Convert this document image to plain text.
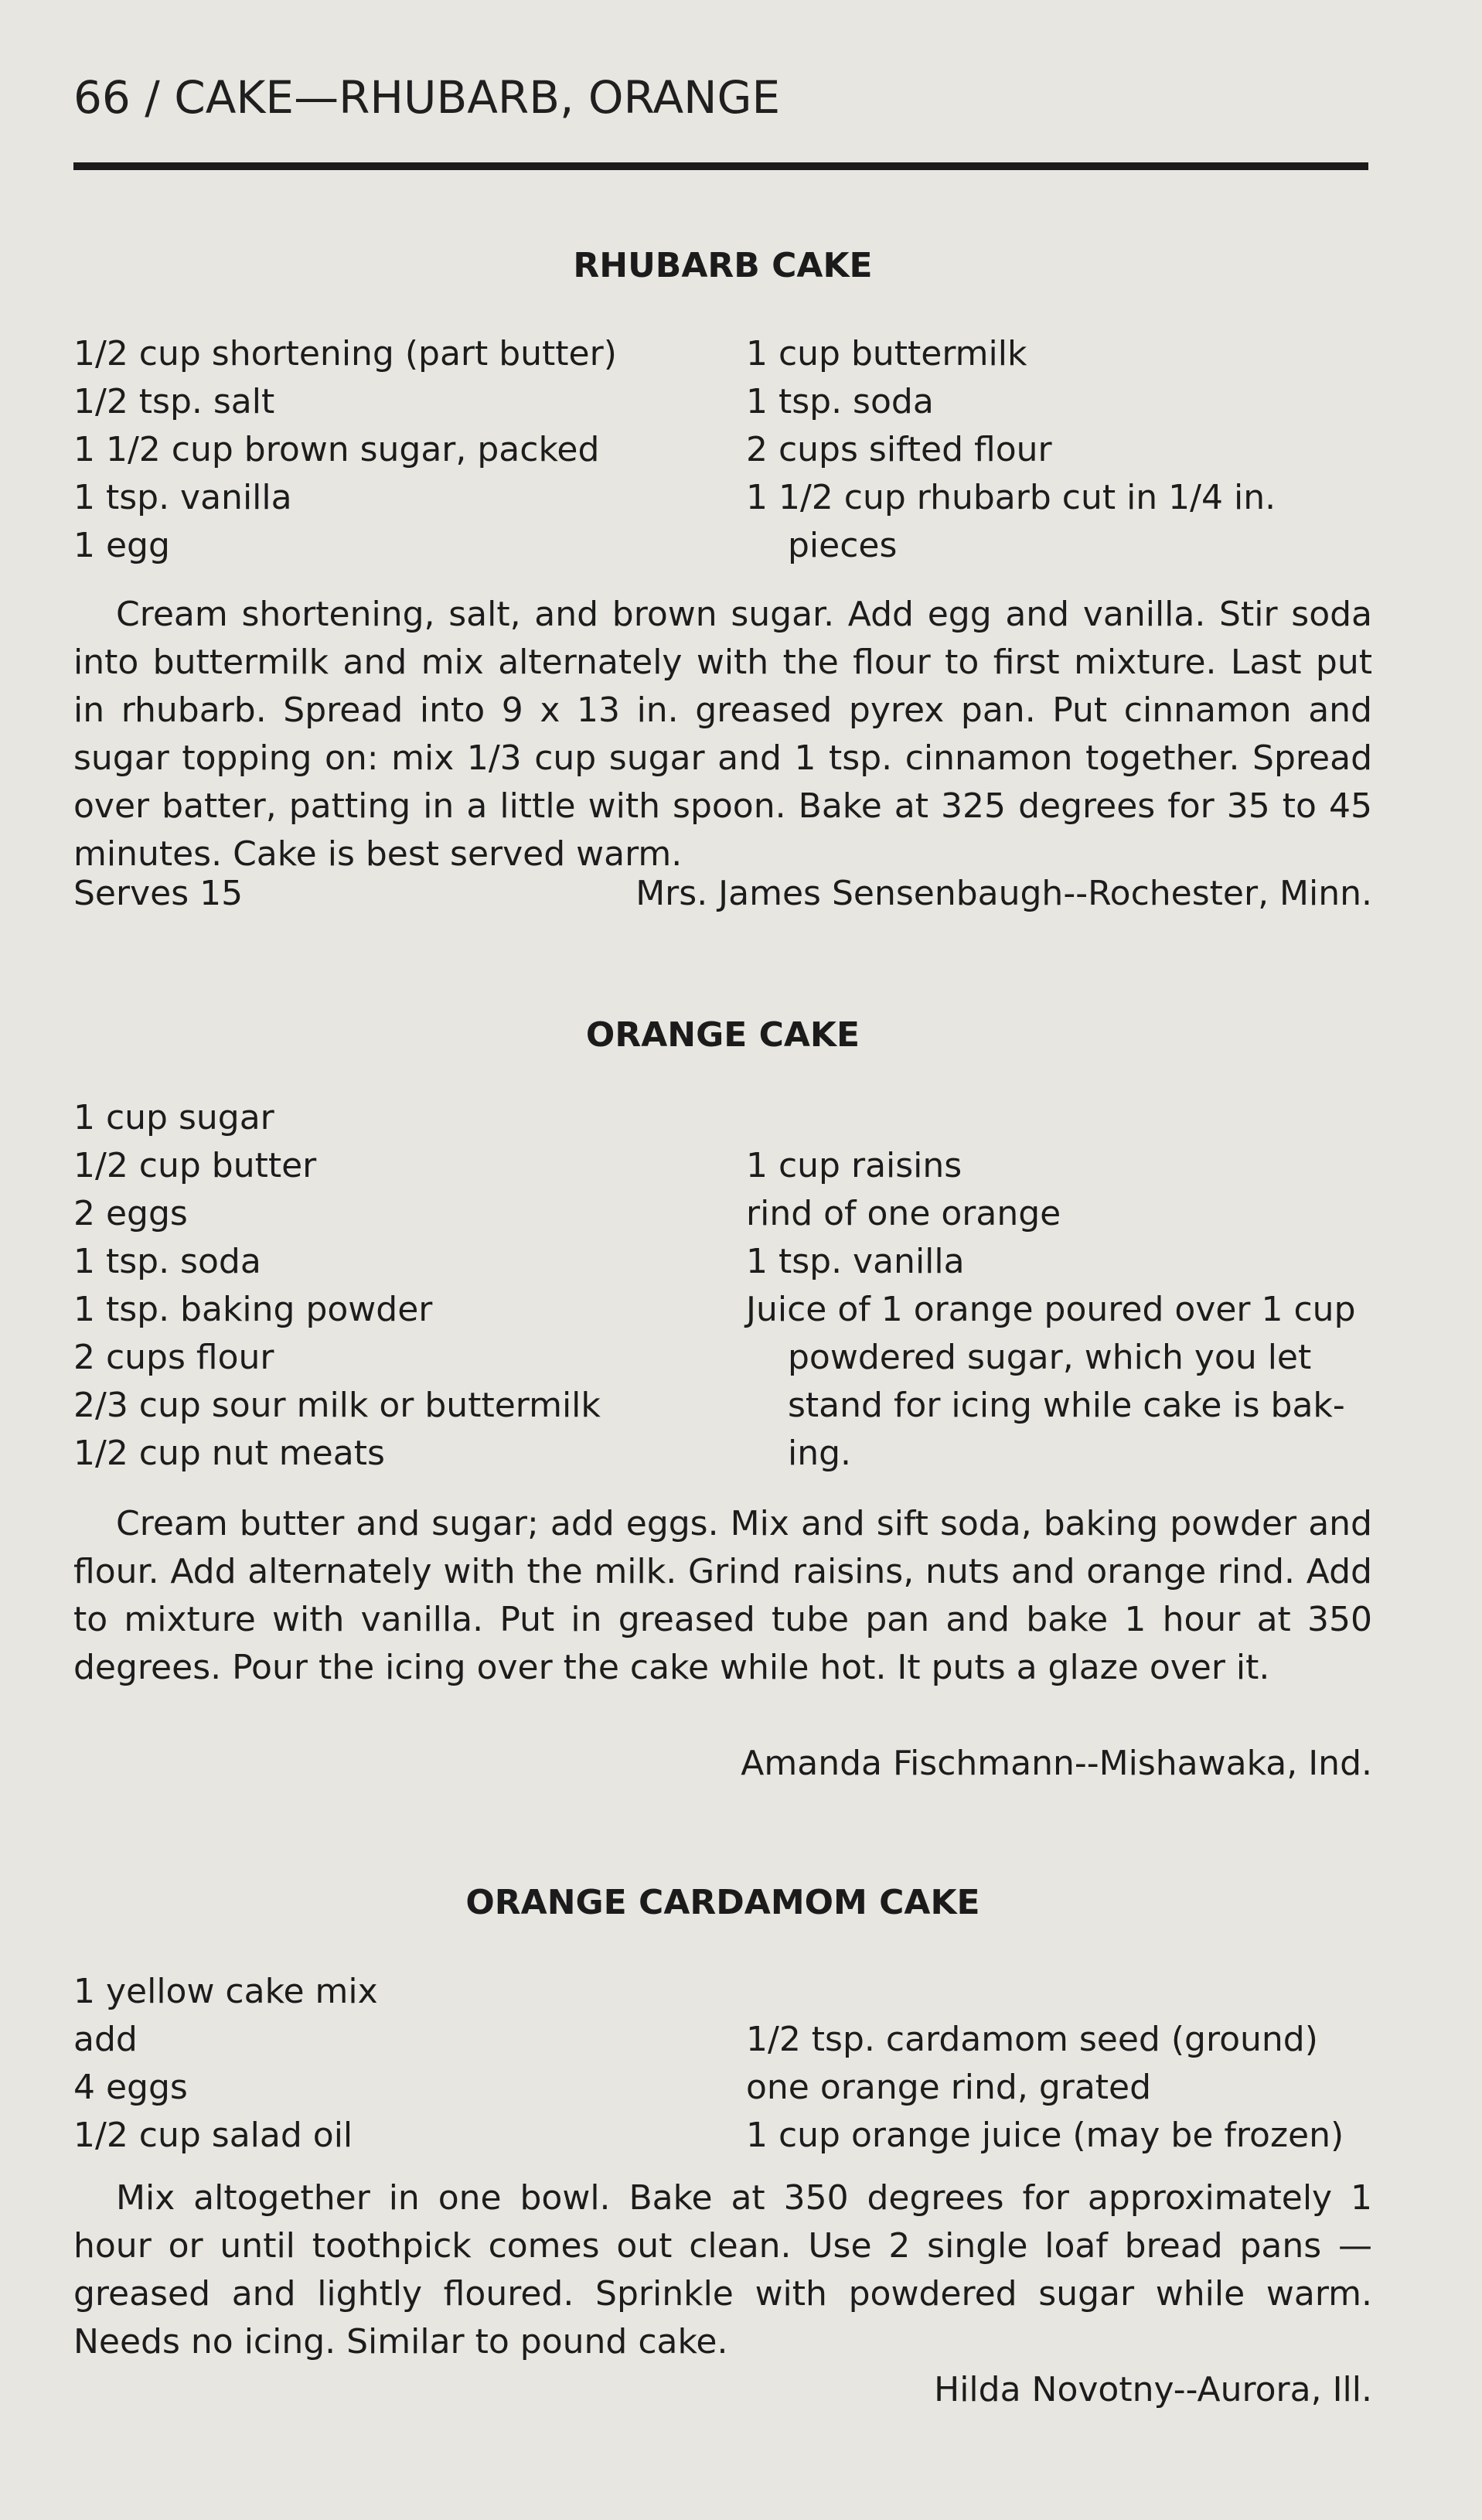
66 / CAKE—RHUBARB, ORANGE
RHUBARB CAKE
1/2 cup shortening (part butter)
1/2 tsp. salt
1 1/2 cup brown sugar, packed
1 tsp. vanilla
1 egg
1 cup buttermilk
1 tsp. soda
2 cups sifted flour
1 1/2 cup rhubarb cut in 1/4 in.
pieces
Cream shortening, salt, and brown sugar. Add egg and vanilla. Stir soda into buttermilk and mix alternately with the flour to first mixture. Last put in rhubarb. Spread into 9 x 13 in. greased pyrex pan. Put cinnamon and sugar topping on: mix 1/3 cup sugar and 1 tsp. cinnamon together. Spread over batter, patting in a little with spoon. Bake at 325 degrees for 35 to 45 minutes. Cake is best served warm.
Serves 15	Mrs. James Sensenbaugh--Rochester, Minn.
ORANGE CAKE
1 cup sugar
1/2 cup butter
2 eggs
1 tsp. soda
1 tsp. baking powder
2 cups flour
2/3 cup sour milk or buttermilk
1/2 cup nut meats
1 cup raisins
rind of one orange
1 tsp. vanilla
Juice of 1 orange poured over 1 cup
powdered sugar, which you let
stand for icing while cake is bak-
ing.
Cream butter and sugar; add eggs. Mix and sift soda, baking powder and flour. Add alternately with the milk. Grind raisins, nuts and orange rind. Add to mixture with vanilla. Put in greased tube pan and bake 1 hour at 350 degrees. Pour the icing over the cake while hot. It puts a glaze over it.
Amanda Fischmann--Mishawaka, Ind.
ORANGE CARDAMOM CAKE
1 yellow cake mix
add
4 eggs
1/2 cup salad oil
1/2 tsp. cardamom seed (ground)
one orange rind, grated
1 cup orange juice (may be frozen)
Mix altogether in one bowl. Bake at 350 degrees for approximately 1 hour or until toothpick comes out clean. Use 2 single loaf bread pans — greased and lightly floured. Sprinkle with powdered sugar while warm. Needs no icing. Similar to pound cake.
Hilda Novotny--Aurora, Ill.
